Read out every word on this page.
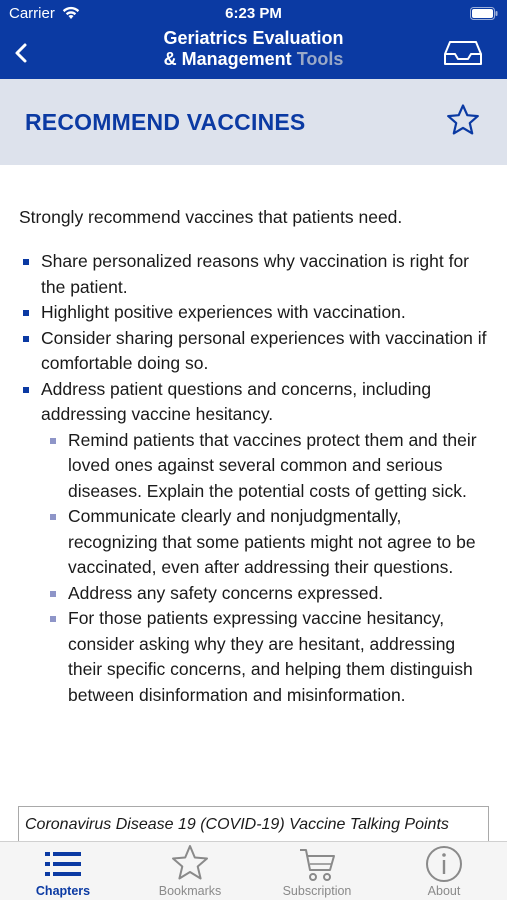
Carrier	6:23 PM
Geriatrics Evaluation
& Management Tools
RECOMMEND VACCINES

Strongly recommend vaccines that patients need.

Share personalized reasons why vaccination is right for the patient.
Highlight positive experiences with vaccination.
Consider sharing personal experiences with vaccination if comfortable doing so.
Address patient questions and concerns, including addressing vaccine hesitancy.
Remind patients that vaccines protect them and their loved ones against several common and serious diseases. Explain the potential costs of getting sick.
Communicate clearly and nonjudgmentally, recognizing that some patients might not agree to be vaccinated, even after addressing their questions.
Address any safety concerns expressed.
For those patients expressing vaccine hesitancy, consider asking why they are hesitant, addressing their specific concerns, and helping them distinguish between disinformation and misinformation.
Coronavirus Disease 19 (COVID-19) Vaccine Talking Points
Chapters	Bookmarks	Subscription	About
